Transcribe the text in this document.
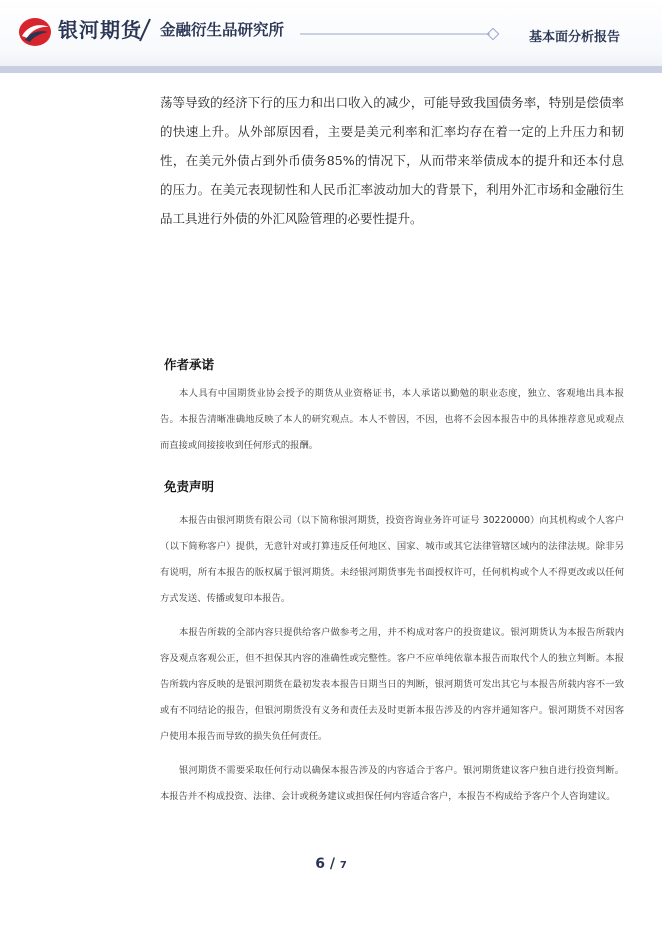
银河期货 金融衍生品研究所	基本面分析报告
荡等导致的经济下行的压力和出口收入的减少，可能导致我国债务率，特别是偿债率的快速上升。从外部原因看，主要是美元利率和汇率均存在着一定的上升压力和韧性，在美元外债占到外币债务85%的情况下，从而带来举债成本的提升和还本付息的压力。在美元表现韧性和人民币汇率波动加大的背景下，利用外汇市场和金融衍生品工具进行外债的外汇风险管理的必要性提升。
作者承诺

本人具有中国期货业协会授予的期货从业资格证书，本人承诺以勤勉的职业态度，独立、客观地出具本报告。本报告清晰准确地反映了本人的研究观点。本人不曾因，不因，也将不会因本报告中的具体推荐意见或观点而直接或间接接收到任何形式的报酬。

免责声明

本报告由银河期货有限公司（以下简称银河期货，投资咨询业务许可证号 30220000）向其机构或个人客户（以下简称客户）提供，无意针对或打算违反任何地区、国家、城市或其它法律管辖区域内的法律法规。除非另有说明，所有本报告的版权属于银河期货。未经银河期货事先书面授权许可，任何机构或个人不得更改或以任何方式发送、传播或复印本报告。

本报告所载的全部内容只提供给客户做参考之用，并不构成对客户的投资建议。银河期货认为本报告所载内容及观点客观公正，但不担保其内容的准确性或完整性。客户不应单纯依靠本报告而取代个人的独立判断。本报告所载内容反映的是银河期货在最初发表本报告日期当日的判断，银河期货可发出其它与本报告所载内容不一致或有不同结论的报告，但银河期货没有义务和责任去及时更新本报告涉及的内容并通知客户。银河期货不对因客户使用本报告而导致的损失负任何责任。

银河期货不需要采取任何行动以确保本报告涉及的内容适合于客户。银河期货建议客户独自进行投资判断。本报告并不构成投资、法律、会计或税务建议或担保任何内容适合客户，本报告不构成给予客户个人咨询建议。

6 / 7
